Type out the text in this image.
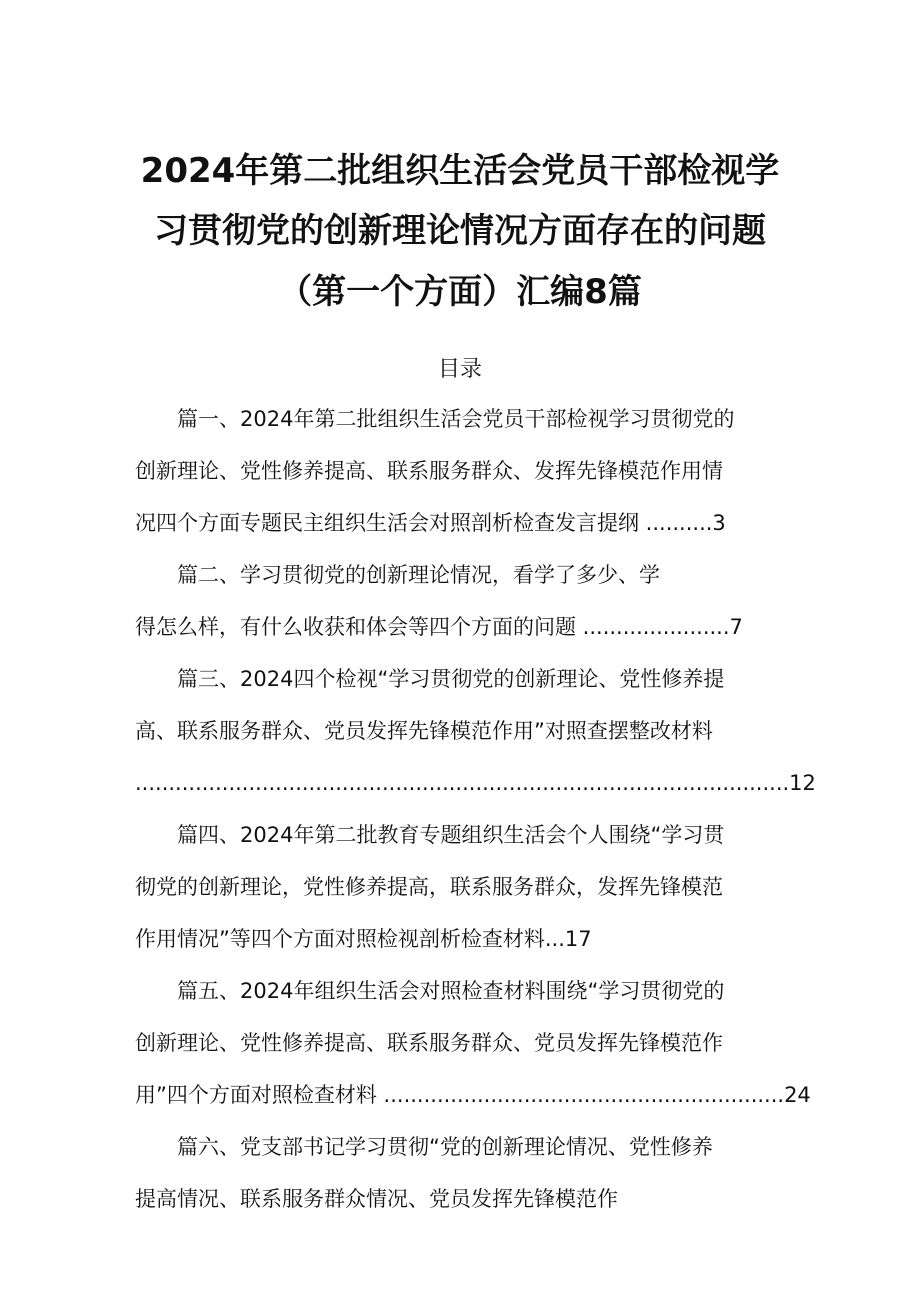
2024年第二批组织生活会党员干部检视学
习贯彻党的创新理论情况方面存在的问题
（第一个方面）汇编8篇
目录
篇一、2024年第二批组织生活会党员干部检视学习贯彻党的
创新理论、党性修养提高、联系服务群众、发挥先锋模范作用情
况四个方面专题民主组织生活会对照剖析检查发言提纲 ..........3
篇二、学习贯彻党的创新理论情况，看学了多少、学
得怎么样，有什么收获和体会等四个方面的问题 ......................7
篇三、2024四个检视“学习贯彻党的创新理论、党性修养提
高、联系服务群众、党员发挥先锋模范作用”对照查摆整改材料
..................................................................................................12
篇四、2024年第二批教育专题组织生活会个人围绕“学习贯
彻党的创新理论，党性修养提高，联系服务群众，发挥先锋模范
作用情况”等四个方面对照检视剖析检查材料...17
篇五、2024年组织生活会对照检查材料围绕“学习贯彻党的
创新理论、党性修养提高、联系服务群众、党员发挥先锋模范作
用”四个方面对照检查材料 ............................................................24
篇六、党支部书记学习贯彻“党的创新理论情况、党性修养
提高情况、联系服务群众情况、党员发挥先锋模范作
